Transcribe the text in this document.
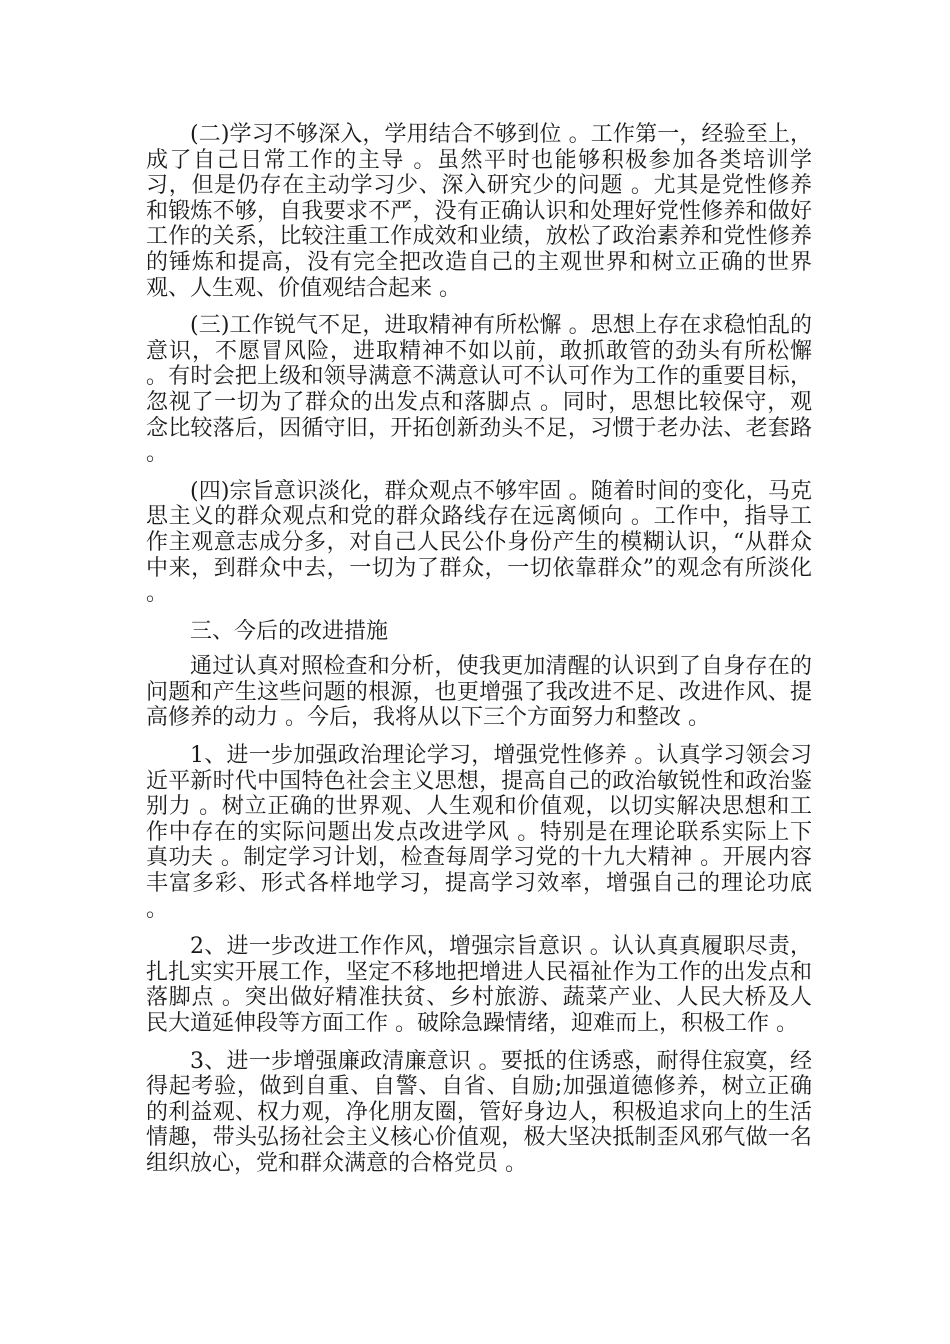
(二)学习不够深入，学用结合不够到位 。工作第一，经验至上，成了自己日常工作的主导 。虽然平时也能够积极参加各类培训学习，但是仍存在主动学习少、深入研究少的问题 。尤其是党性修养和锻炼不够，自我要求不严，没有正确认识和处理好党性修养和做好工作的关系，比较注重工作成效和业绩，放松了政治素养和党性修养的锤炼和提高，没有完全把改造自己的主观世界和树立正确的世界观、人生观、价值观结合起来 。

(三)工作锐气不足，进取精神有所松懈 。思想上存在求稳怕乱的意识，不愿冒风险，进取精神不如以前，敢抓敢管的劲头有所松懈 。有时会把上级和领导满意不满意认可不认可作为工作的重要目标，忽视了一切为了群众的出发点和落脚点 。同时，思想比较保守，观念比较落后，因循守旧，开拓创新劲头不足，习惯于老办法、老套路 。

(四)宗旨意识淡化，群众观点不够牢固 。随着时间的变化，马克思主义的群众观点和党的群众路线存在远离倾向 。工作中，指导工作主观意志成分多，对自己人民公仆身份产生的模糊认识，“从群众中来，到群众中去，一切为了群众，一切依靠群众”的观念有所淡化 。

三、今后的改进措施

通过认真对照检查和分析，使我更加清醒的认识到了自身存在的问题和产生这些问题的根源，也更增强了我改进不足、改进作风、提高修养的动力 。今后，我将从以下三个方面努力和整改 。

1、进一步加强政治理论学习，增强党性修养 。认真学习领会习近平新时代中国特色社会主义思想，提高自己的政治敏锐性和政治鉴别力 。树立正确的世界观、人生观和价值观，以切实解决思想和工作中存在的实际问题出发点改进学风 。特别是在理论联系实际上下真功夫 。制定学习计划，检查每周学习党的十九大精神 。开展内容丰富多彩、形式各样地学习，提高学习效率，增强自己的理论功底 。

2、进一步改进工作作风，增强宗旨意识 。认认真真履职尽责，扎扎实实开展工作，坚定不移地把增进人民福祉作为工作的出发点和落脚点 。突出做好精准扶贫、乡村旅游、蔬菜产业、人民大桥及人民大道延伸段等方面工作 。破除急躁情绪，迎难而上，积极工作 。

3、进一步增强廉政清廉意识 。要抵的住诱惑，耐得住寂寞，经得起考验，做到自重、自警、自省、自励;加强道德修养，树立正确的利益观、权力观，净化朋友圈，管好身边人，积极追求向上的生活情趣，带头弘扬社会主义核心价值观，极大坚决抵制歪风邪气做一名组织放心，党和群众满意的合格党员 。
